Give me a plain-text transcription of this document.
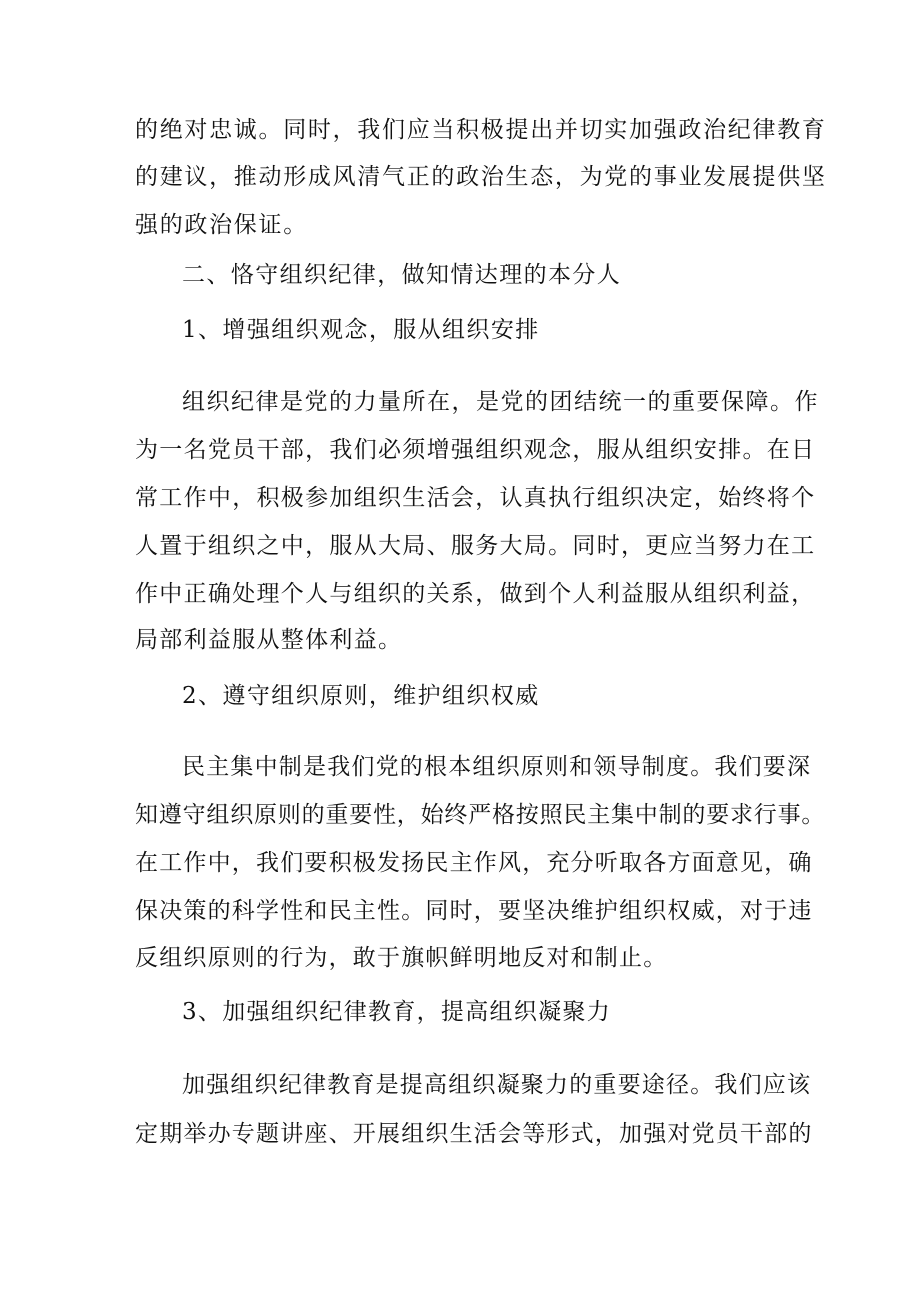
的绝对忠诚。同时，我们应当积极提出并切实加强政治纪律教育
的建议，推动形成风清气正的政治生态，为党的事业发展提供坚
强的政治保证。
二、恪守组织纪律，做知情达理的本分人
1、增强组织观念，服从组织安排
组织纪律是党的力量所在，是党的团结统一的重要保障。作
为一名党员干部，我们必须增强组织观念，服从组织安排。在日
常工作中，积极参加组织生活会，认真执行组织决定，始终将个
人置于组织之中，服从大局、服务大局。同时，更应当努力在工
作中正确处理个人与组织的关系，做到个人利益服从组织利益，
局部利益服从整体利益。
2、遵守组织原则，维护组织权威
民主集中制是我们党的根本组织原则和领导制度。我们要深
知遵守组织原则的重要性，始终严格按照民主集中制的要求行事。
在工作中，我们要积极发扬民主作风，充分听取各方面意见，确
保决策的科学性和民主性。同时，要坚决维护组织权威，对于违
反组织原则的行为，敢于旗帜鲜明地反对和制止。
3、加强组织纪律教育，提高组织凝聚力
加强组织纪律教育是提高组织凝聚力的重要途径。我们应该
定期举办专题讲座、开展组织生活会等形式，加强对党员干部的
